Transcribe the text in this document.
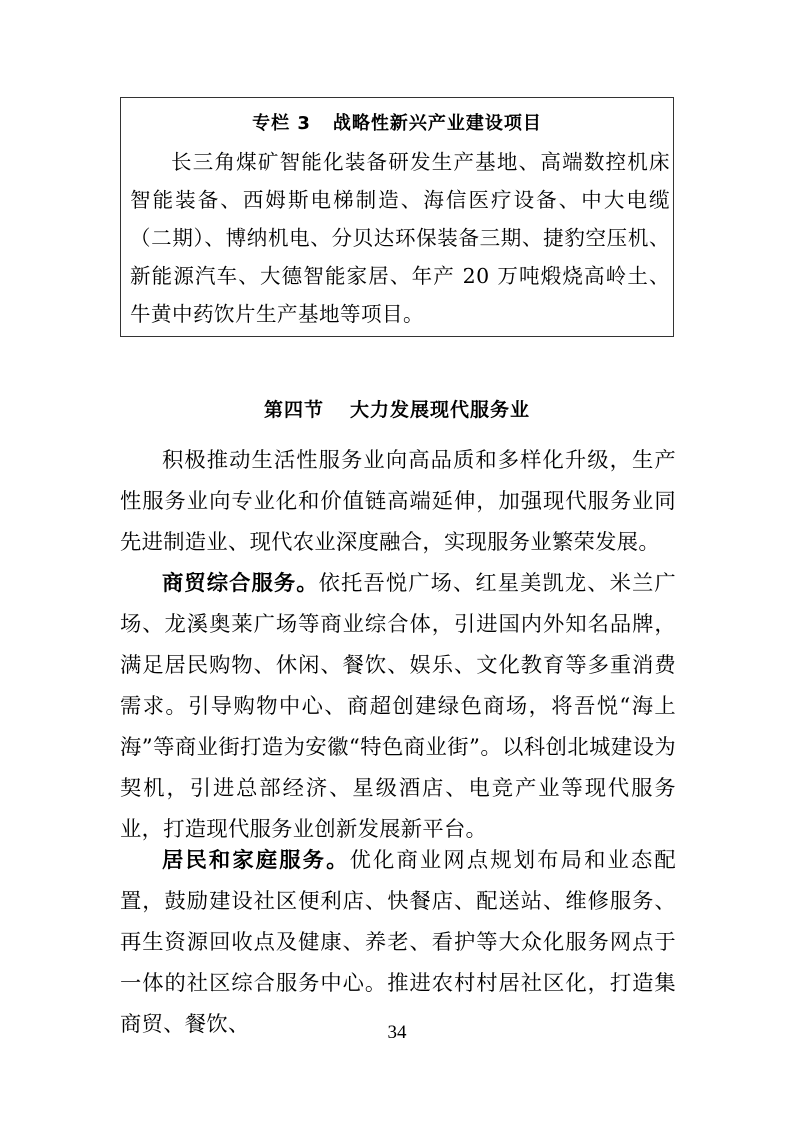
专栏 3 战略性新兴产业建设项目
长三角煤矿智能化装备研发生产基地、高端数控机床智能装备、西姆斯电梯制造、海信医疗设备、中大电缆（二期）、博纳机电、分贝达环保装备三期、捷豹空压机、新能源汽车、大德智能家居、年产 20 万吨煅烧高岭土、牛黄中药饮片生产基地等项目。
第四节 大力发展现代服务业

积极推动生活性服务业向高品质和多样化升级，生产性服务业向专业化和价值链高端延伸，加强现代服务业同先进制造业、现代农业深度融合，实现服务业繁荣发展。

商贸综合服务。依托吾悦广场、红星美凯龙、米兰广场、龙溪奥莱广场等商业综合体，引进国内外知名品牌，满足居民购物、休闲、餐饮、娱乐、文化教育等多重消费需求。引导购物中心、商超创建绿色商场，将吾悦“海上海”等商业街打造为安徽“特色商业街”。以科创北城建设为契机，引进总部经济、星级酒店、电竞产业等现代服务业，打造现代服务业创新发展新平台。

居民和家庭服务。优化商业网点规划布局和业态配置，鼓励建设社区便利店、快餐店、配送站、维修服务、再生资源回收点及健康、养老、看护等大众化服务网点于一体的社区综合服务中心。推进农村村居社区化，打造集商贸、餐饮、	34
